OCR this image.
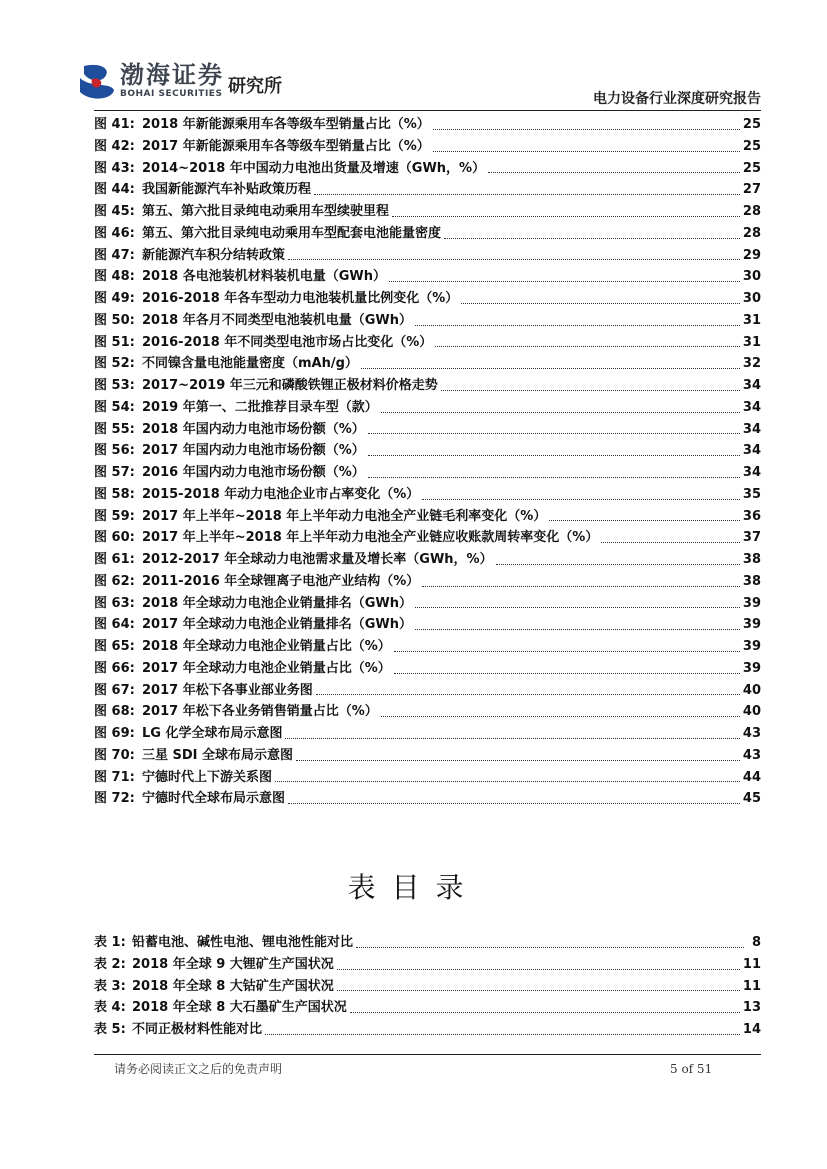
渤海证券
BOHAI SECURITIES 研究所
电力设备行业深度研究报告
图 41: 2018 年新能源乘用车各等级车型销量占比（%）	25
图 42: 2017 年新能源乘用车各等级车型销量占比（%）	25
图 43: 2014~2018 年中国动力电池出货量及增速（GWh，%）	25
图 44: 我国新能源汽车补贴政策历程	27
图 45: 第五、第六批目录纯电动乘用车型续驶里程	28
图 46: 第五、第六批目录纯电动乘用车型配套电池能量密度	28
图 47: 新能源汽车积分结转政策	29
图 48: 2018 各电池装机材料装机电量（GWh）	30
图 49: 2016-2018 年各车型动力电池装机量比例变化（%）	30
图 50: 2018 年各月不同类型电池装机电量（GWh）	31
图 51: 2016-2018 年不同类型电池市场占比变化（%）	31
图 52: 不同镍含量电池能量密度（mAh/g）	32
图 53: 2017~2019 年三元和磷酸铁锂正极材料价格走势	34
图 54: 2019 年第一、二批推荐目录车型（款）	34
图 55: 2018 年国内动力电池市场份额（%）	34
图 56: 2017 年国内动力电池市场份额（%）	34
图 57: 2016 年国内动力电池市场份额（%）	34
图 58: 2015-2018 年动力电池企业市占率变化（%）	35
图 59: 2017 年上半年~2018 年上半年动力电池全产业链毛利率变化（%）	36
图 60: 2017 年上半年~2018 年上半年动力电池全产业链应收账款周转率变化（%）	37
图 61: 2012-2017 年全球动力电池需求量及增长率（GWh，%）	38
图 62: 2011-2016 年全球锂离子电池产业结构（%）	38
图 63: 2018 年全球动力电池企业销量排名（GWh）	39
图 64: 2017 年全球动力电池企业销量排名（GWh）	39
图 65: 2018 年全球动力电池企业销量占比（%）	39
图 66: 2017 年全球动力电池企业销量占比（%）	39
图 67: 2017 年松下各事业部业务图	40
图 68: 2017 年松下各业务销售销量占比（%）	40
图 69: LG 化学全球布局示意图	43
图 70: 三星 SDI 全球布局示意图	43
图 71: 宁德时代上下游关系图	44
图 72: 宁德时代全球布局示意图	45
表目录
表 1: 铅蓄电池、碱性电池、锂电池性能对比	8
表 2: 2018 年全球 9 大锂矿生产国状况	11
表 3: 2018 年全球 8 大钴矿生产国状况	11
表 4: 2018 年全球 8 大石墨矿生产国状况	13
表 5: 不同正极材料性能对比	14
请务必阅读正文之后的免责声明	5 of 51
